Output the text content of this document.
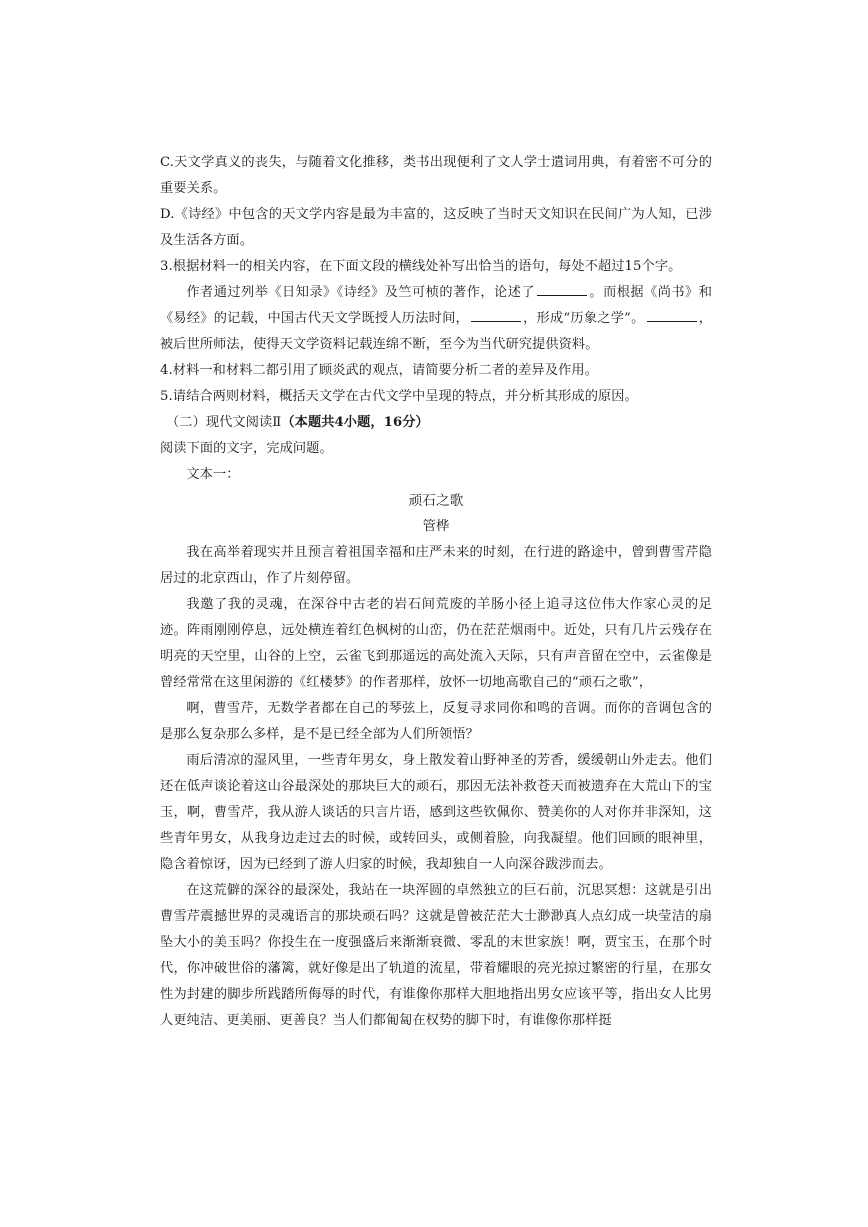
C.天文学真义的丧失，与随着文化推移，类书出现便利了文人学士遣词用典，有着密不可分的重要关系。

D.《诗经》中包含的天文学内容是最为丰富的，这反映了当时天文知识在民间广为人知，已涉及生活各方面。

3.根据材料一的相关内容，在下面文段的横线处补写出恰当的语句，每处不超过15个字。

作者通过列举《日知录》《诗经》及竺可桢的著作，论述了	。而根据《尚书》和《易经》的记载，中国古代天文学既授人历法时间，	，形成“历象之学”。	，被后世所师法，使得天文学资料记载连绵不断，至今为当代研究提供资料。

4.材料一和材料二都引用了顾炎武的观点，请简要分析二者的差异及作用。

5.请结合两则材料，概括天文学在古代文学中呈现的特点，并分析其形成的原因。

（二）现代文阅读Ⅱ（本题共4小题，16分）

阅读下面的文字，完成问题。

文本一：

顽石之歌

管桦

我在高举着现实并且预言着祖国幸福和庄严未来的时刻，在行进的路途中，曾到曹雪芹隐居过的北京西山，作了片刻停留。

我邀了我的灵魂，在深谷中古老的岩石间荒废的羊肠小径上追寻这位伟大作家心灵的足迹。阵雨刚刚停息，远处横连着红色枫树的山峦，仍在茫茫烟雨中。近处，只有几片云残存在明亮的天空里，山谷的上空，云雀飞到那遥远的高处流入天际，只有声音留在空中，云雀像是曾经常常在这里闲游的《红楼梦》的作者那样，放怀一切地高歌自己的“顽石之歌”，

啊，曹雪芹，无数学者都在自己的琴弦上，反复寻求同你和鸣的音调。而你的音调包含的是那么复杂那么多样，是不是已经全部为人们所领悟？

雨后清凉的湿风里，一些青年男女，身上散发着山野神圣的芳香，缓缓朝山外走去。他们还在低声谈论着这山谷最深处的那块巨大的顽石，那因无法补救苍天而被遗弃在大荒山下的宝玉，啊，曹雪芹，我从游人谈话的只言片语，感到这些钦佩你、赞美你的人对你并非深知，这些青年男女，从我身边走过去的时候，或转回头，或侧着脸，向我凝望。他们回顾的眼神里，隐含着惊讶，因为已经到了游人归家的时候，我却独自一人向深谷跋涉而去。

在这荒僻的深谷的最深处，我站在一块浑圆的卓然独立的巨石前，沉思冥想：这就是引出曹雪芹震撼世界的灵魂语言的那块顽石吗？这就是曾被茫茫大士渺渺真人点幻成一块莹洁的扇坠大小的美玉吗？你投生在一度强盛后来渐渐衰微、零乱的末世家族！啊，贾宝玉，在那个时代，你冲破世俗的藩篱，就好像是出了轨道的流星，带着耀眼的亮光掠过繁密的行星，在那女性为封建的脚步所践踏所侮辱的时代，有谁像你那样大胆地指出男女应该平等，指出女人比男人更纯洁、更美丽、更善良？当人们都匍匐在权势的脚下时，有谁像你那样挺
